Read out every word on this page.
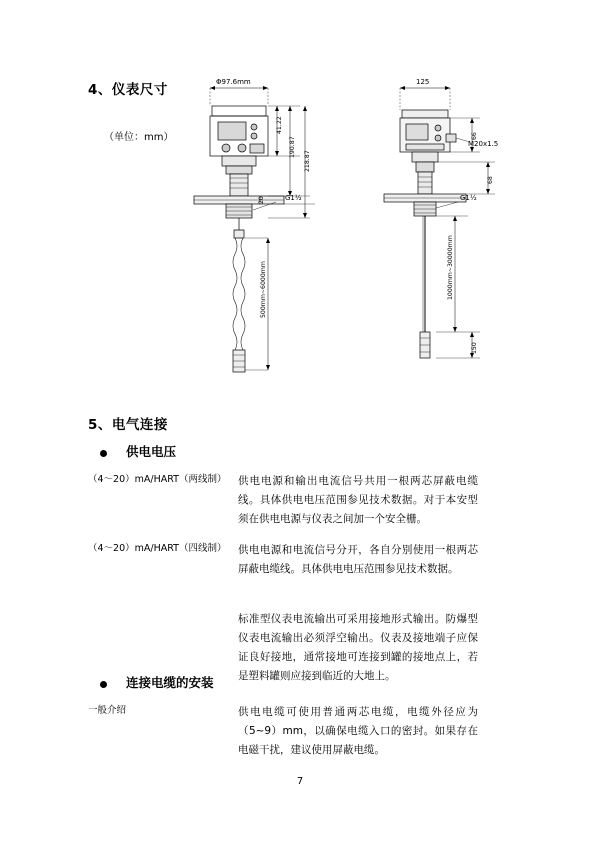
4、仪表尺寸
（单位：mm）
Φ97.6mm
41.22
190.87
218.87
20
500mm~6000mm
G1½
125
66
68
150
1000mm~30000mm
M20x1.5
G1½
5、电气连接
供电电压
（4～20）mA/HART（两线制） 供电电源和输出电流信号共用一根两芯屏蔽电缆线。具体供电电压范围参见技术数据。对于本安型须在供电电源与仪表之间加一个安全栅。
（4～20）mA/HART（四线制） 供电电源和电流信号分开，各自分别使用一根两芯屏蔽电缆线。具体供电电压范围参见技术数据。
标准型仪表电流输出可采用接地形式输出。防爆型仪表电流输出必须浮空输出。仪表及接地端子应保证良好接地，通常接地可连接到罐的接地点上，若是塑料罐则应接到临近的大地上。
连接电缆的安装
一般介绍	供电电缆可使用普通两芯电缆，电缆外径应为（5~9）mm，以确保电缆入口的密封。如果存在电磁干扰，建议使用屏蔽电缆。
7
